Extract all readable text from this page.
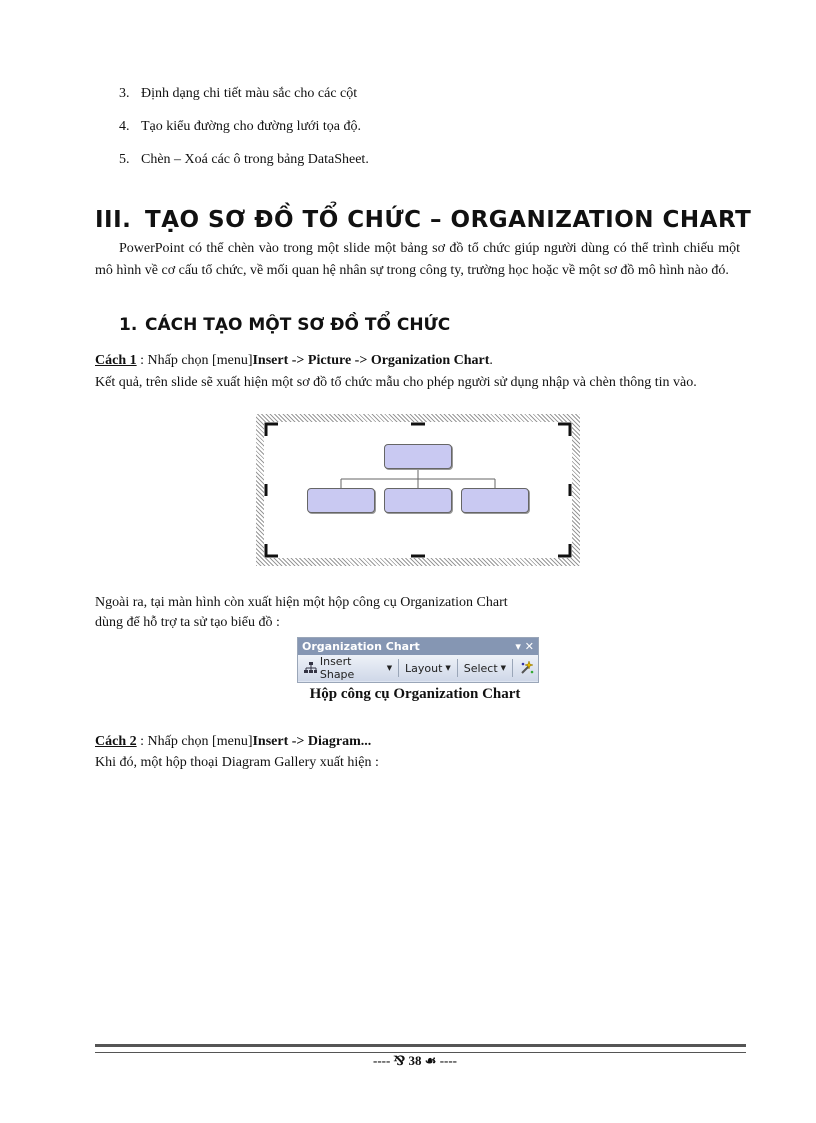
3. Định dạng chi tiết màu sắc cho các cột
4. Tạo kiểu đường cho đường lưới tọa độ.
5. Chèn – Xoá các ô trong bảng DataSheet.
III. TẠO SƠ ĐỒ TỔ CHỨC – ORGANIZATION CHART
PowerPoint có thể chèn vào trong một slide một bảng sơ đồ tổ chức giúp người dùng có thể trình chiếu một mô hình về cơ cấu tổ chức, về mối quan hệ nhân sự trong công ty, trường học hoặc về một sơ đồ mô hình nào đó.
1. CÁCH TẠO MỘT SƠ ĐỒ TỔ CHỨC
Cách 1 : Nhấp chọn [menu]Insert -> Picture -> Organization Chart.
Kết quả, trên slide sẽ xuất hiện một sơ đồ tổ chức mẫu cho phép người sử dụng nhập và chèn thông tin vào.
Ngoài ra, tại màn hình còn xuất hiện một hộp công cụ Organization Chart
dùng để hỗ trợ ta sử tạo biểu đồ :
Organization Chart	▾ ✕
Insert Shape	▼ Layout ▼ Select ▼
Hộp công cụ Organization Chart
Cách 2 : Nhấp chọn [menu]Insert -> Diagram...
Khi đó, một hộp thoại Diagram Gallery xuất hiện :
---- ⅋ 38 ☙ ----
